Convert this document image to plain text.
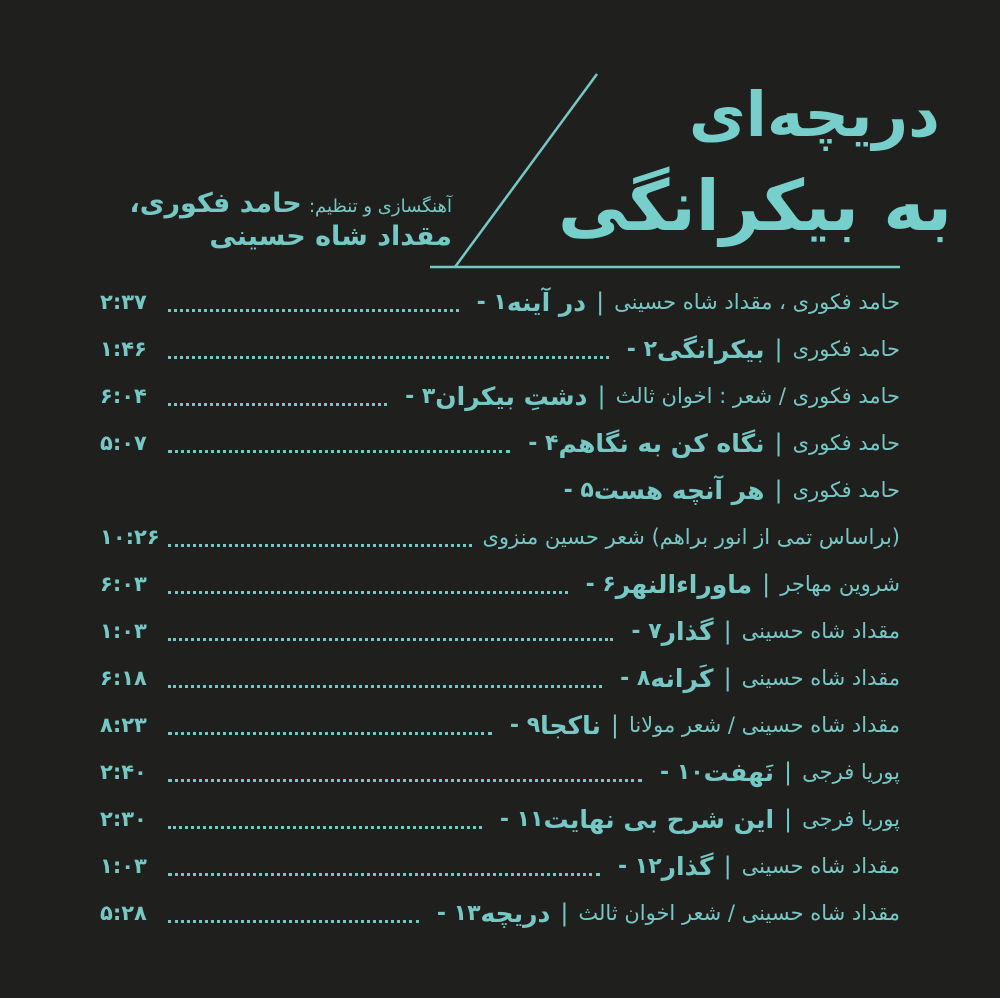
دریچه‌ای
به بیکرانگی
آهنگسازی و تنظیم: حامد فکوری،
مقداد شاه حسینی
۱ - در آینه | حامد فکوری ، مقداد شاه حسینی
۲:۳۷
۲ - بیکرانگی | حامد فکوری
۱:۴۶
۳ - دشتِ بیکران | حامد فکوری / شعر : اخوان ثالث
۶:۰۴
۴ - نگاه کن به نگاهم | حامد فکوری
۵:۰۷
۵ - هر آنچه هست | حامد فکوری
(براساس تمی از انور براهم) شعر حسین منزوی
۱۰:۲۶
۶ - ماوراءالنهر | شروین مهاجر
۶:۰۳
۷ - گذار | مقداد شاه حسینی
۱:۰۳
۸ - کَرانه | مقداد شاه حسینی
۶:۱۸
۹ - ناکجا | مقداد شاه حسینی / شعر مولانا
۸:۲۳
۱۰ - نَهفت | پوریا فرجی
۲:۴۰
۱۱ - این شرح بی نهایت | پوریا فرجی
۲:۳۰
۱۲ - گذار | مقداد شاه حسینی
۱:۰۳
۱۳ - دریچه | مقداد شاه حسینی / شعر اخوان ثالث
۵:۲۸
